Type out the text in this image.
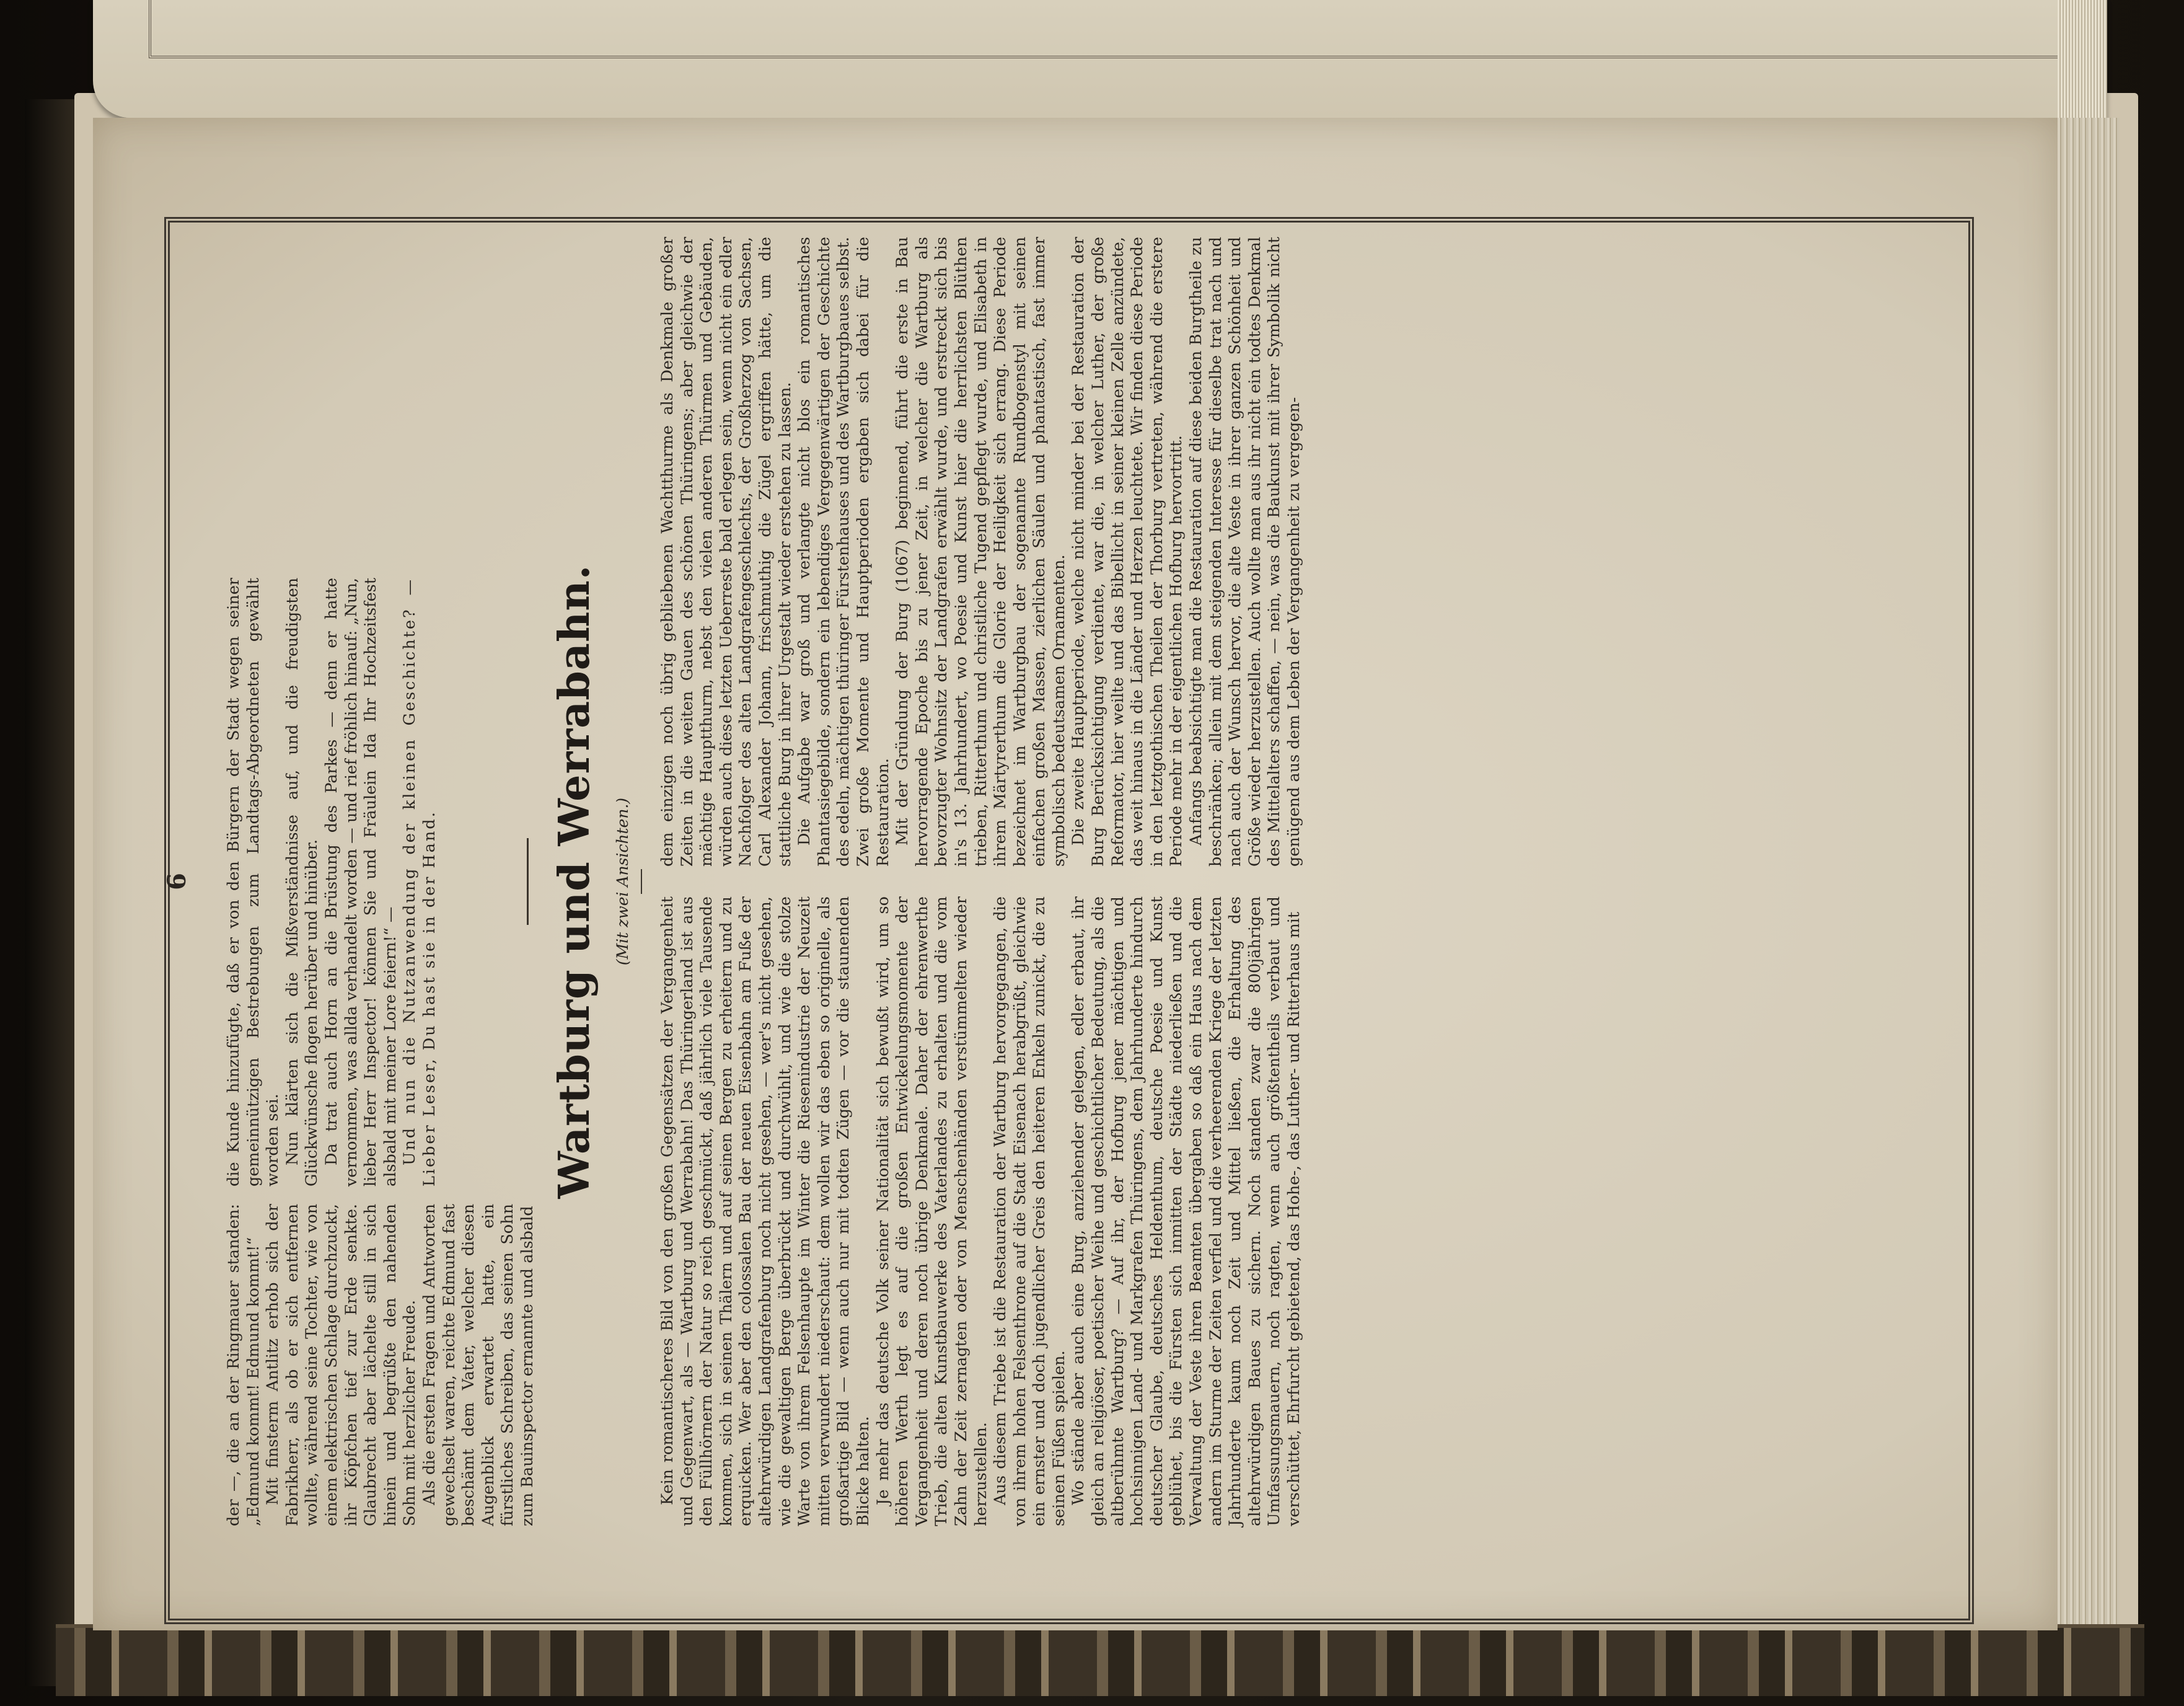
6

der —, die an der Ringmauer standen: „Edmund kommt! Edmund kommt!“ Mit finsterm Antlitz erhob sich der Fabrikherr, als ob er sich entfernen wollte, während seine Tochter, wie von einem elektrischen Schlage durchzuckt, ihr Köpfchen tief zur Erde senkte. Glaubrecht aber lächelte still in sich hinein und begrüßte den nahenden Sohn mit herzlicher Freude. Als die ersten Fragen und Antworten gewechselt waren, reichte Edmund fast beschämt dem Vater, welcher diesen Augenblick erwartet hatte, ein fürstliches Schreiben, das seinen Sohn zum Bauinspector ernannte und alsbald

die Kunde hinzufügte, daß er von den Bürgern der Stadt wegen seiner gemeinnützigen Bestrebungen zum Landtags-Abgeordneten gewählt worden sei. Nun klärten sich die Mißverständnisse auf, und die freudigsten Glückwünsche flogen herüber und hinüber. Da trat auch Horn an die Brüstung des Parkes — denn er hatte vernommen, was allda verhandelt worden — und rief fröhlich hinauf: „Nun, lieber Herr Inspector! können Sie und Fräulein Ida Ihr Hochzeitsfest alsbald mit meiner Lore feiern!“ — Und nun die Nutzanwendung der kleinen Geschichte? — Lieber Leser, Du hast sie in der Hand.	Wartburg und Werrabahn. (Mit zwei Ansichten.)

Kein romantischeres Bild von den großen Gegensätzen der Vergangenheit und Gegenwart, als — Wartburg und Werrabahn! Das Thüringerland ist aus den Füllhörnern der Natur so reich geschmückt, daß jährlich viele Tausende kommen, sich in seinen Thälern und auf seinen Bergen zu erheitern und zu erquicken. Wer aber den colossalen Bau der neuen Eisenbahn am Fuße der altehrwürdigen Landgrafenburg noch nicht gesehen, — wer's nicht gesehen, wie die gewaltigen Berge überbrückt und durchwühlt, und wie die stolze Warte von ihrem Felsenhaupte im Winter die Riesenindustrie der Neuzeit mitten verwundert niederschaut: dem wollen wir das eben so originelle, als großartige Bild — wenn auch nur mit todten Zügen — vor die staunenden Blicke halten. Je mehr das deutsche Volk seiner Nationalität sich bewußt wird, um so höheren Werth legt es auf die großen Entwickelungsmomente der Vergangenheit und deren noch übrige Denkmale. Daher der ehrenwerthe Trieb, die alten Kunstbauwerke des Vaterlandes zu erhalten und die vom Zahn der Zeit zernagten oder von Menschenhänden verstümmelten wieder herzustellen. Aus diesem Triebe ist die Restauration der Wartburg hervorgegangen, die von ihrem hohen Felsenthrone auf die Stadt Eisenach herabgrüßt, gleichwie ein ernster und doch jugendlicher Greis den heiteren Enkeln zunickt, die zu seinen Füßen spielen. Wo stände aber auch eine Burg, anziehender gelegen, edler erbaut, ihr gleich an religiöser, poetischer Weihe und geschichtlicher Bedeutung, als die altberühmte Wartburg? — Auf ihr, der Hofburg jener mächtigen und hochsinnigen Land- und Markgrafen Thüringens, dem Jahrhunderte hindurch deutscher Glaube, deutsches Heldenthum, deutsche Poesie und Kunst geblühet, bis die Fürsten sich inmitten der Städte niederließen und die Verwaltung der Veste ihren Beamten übergaben so daß ein Haus nach dem andern im Sturme der Zeiten verfiel und die verheerenden Kriege der letzten Jahrhunderte kaum noch Zeit und Mittel ließen, die Erhaltung des altehrwürdigen Baues zu sichern. Noch standen zwar die 800jährigen Umfassungsmauern, noch ragten, wenn auch größtentheils verbaut und verschüttet, Ehrfurcht gebietend, das Hohe-, das Luther- und Ritterhaus mit

dem einzigen noch übrig gebliebenen Wachtthurme als Denkmale großer Zeiten in die weiten Gauen des schönen Thüringens; aber gleichwie der mächtige Hauptthurm, nebst den vielen anderen Thürmen und Gebäuden, würden auch diese letzten Ueberreste bald erlegen sein, wenn nicht ein edler Nachfolger des alten Landgrafengeschlechts, der Großherzog von Sachsen, Carl Alexander Johann, frischmuthig die Zügel ergriffen hätte, um die stattliche Burg in ihrer Urgestalt wieder erstehen zu lassen. Die Aufgabe war groß und verlangte nicht blos ein romantisches Phantasiegebilde, sondern ein lebendiges Vergegenwärtigen der Geschichte des edeln, mächtigen thüringer Fürstenhauses und des Wartburgbaues selbst. Zwei große Momente und Hauptperioden ergaben sich dabei für die Restauration. Mit der Gründung der Burg (1067) beginnend, führt die erste in Bau hervorragende Epoche bis zu jener Zeit, in welcher die Wartburg als bevorzugter Wohnsitz der Landgrafen erwählt wurde, und erstreckt sich bis in's 13. Jahrhundert, wo Poesie und Kunst hier die herrlichsten Blüthen trieben, Ritterthum und christliche Tugend gepflegt wurde, und Elisabeth in ihrem Märtyrerthum die Glorie der Heiligkeit sich errang. Diese Periode bezeichnet im Wartburgbau der sogenannte Rundbogenstyl mit seinen einfachen großen Massen, zierlichen Säulen und phantastisch, fast immer symbolisch bedeutsamen Ornamenten. Die zweite Hauptperiode, welche nicht minder bei der Restauration der Burg Berücksichtigung verdiente, war die, in welcher Luther, der große Reformator, hier weilte und das Bibellicht in seiner kleinen Zelle anzündete, das weit hinaus in die Länder und Herzen leuchtete. Wir finden diese Periode in den letztgothischen Theilen der Thorburg vertreten, während die erstere Periode mehr in der eigentlichen Hofburg hervortritt. Anfangs beabsichtigte man die Restauration auf diese beiden Burgtheile zu beschränken; allein mit dem steigenden Interesse für dieselbe trat nach und nach auch der Wunsch hervor, die alte Veste in ihrer ganzen Schönheit und Größe wieder herzustellen. Auch wollte man aus ihr nicht ein todtes Denkmal des Mittelalters schaffen, — nein, was die Baukunst mit ihrer Symbolik nicht genügend aus dem Leben der Vergangenheit zu vergegen-
